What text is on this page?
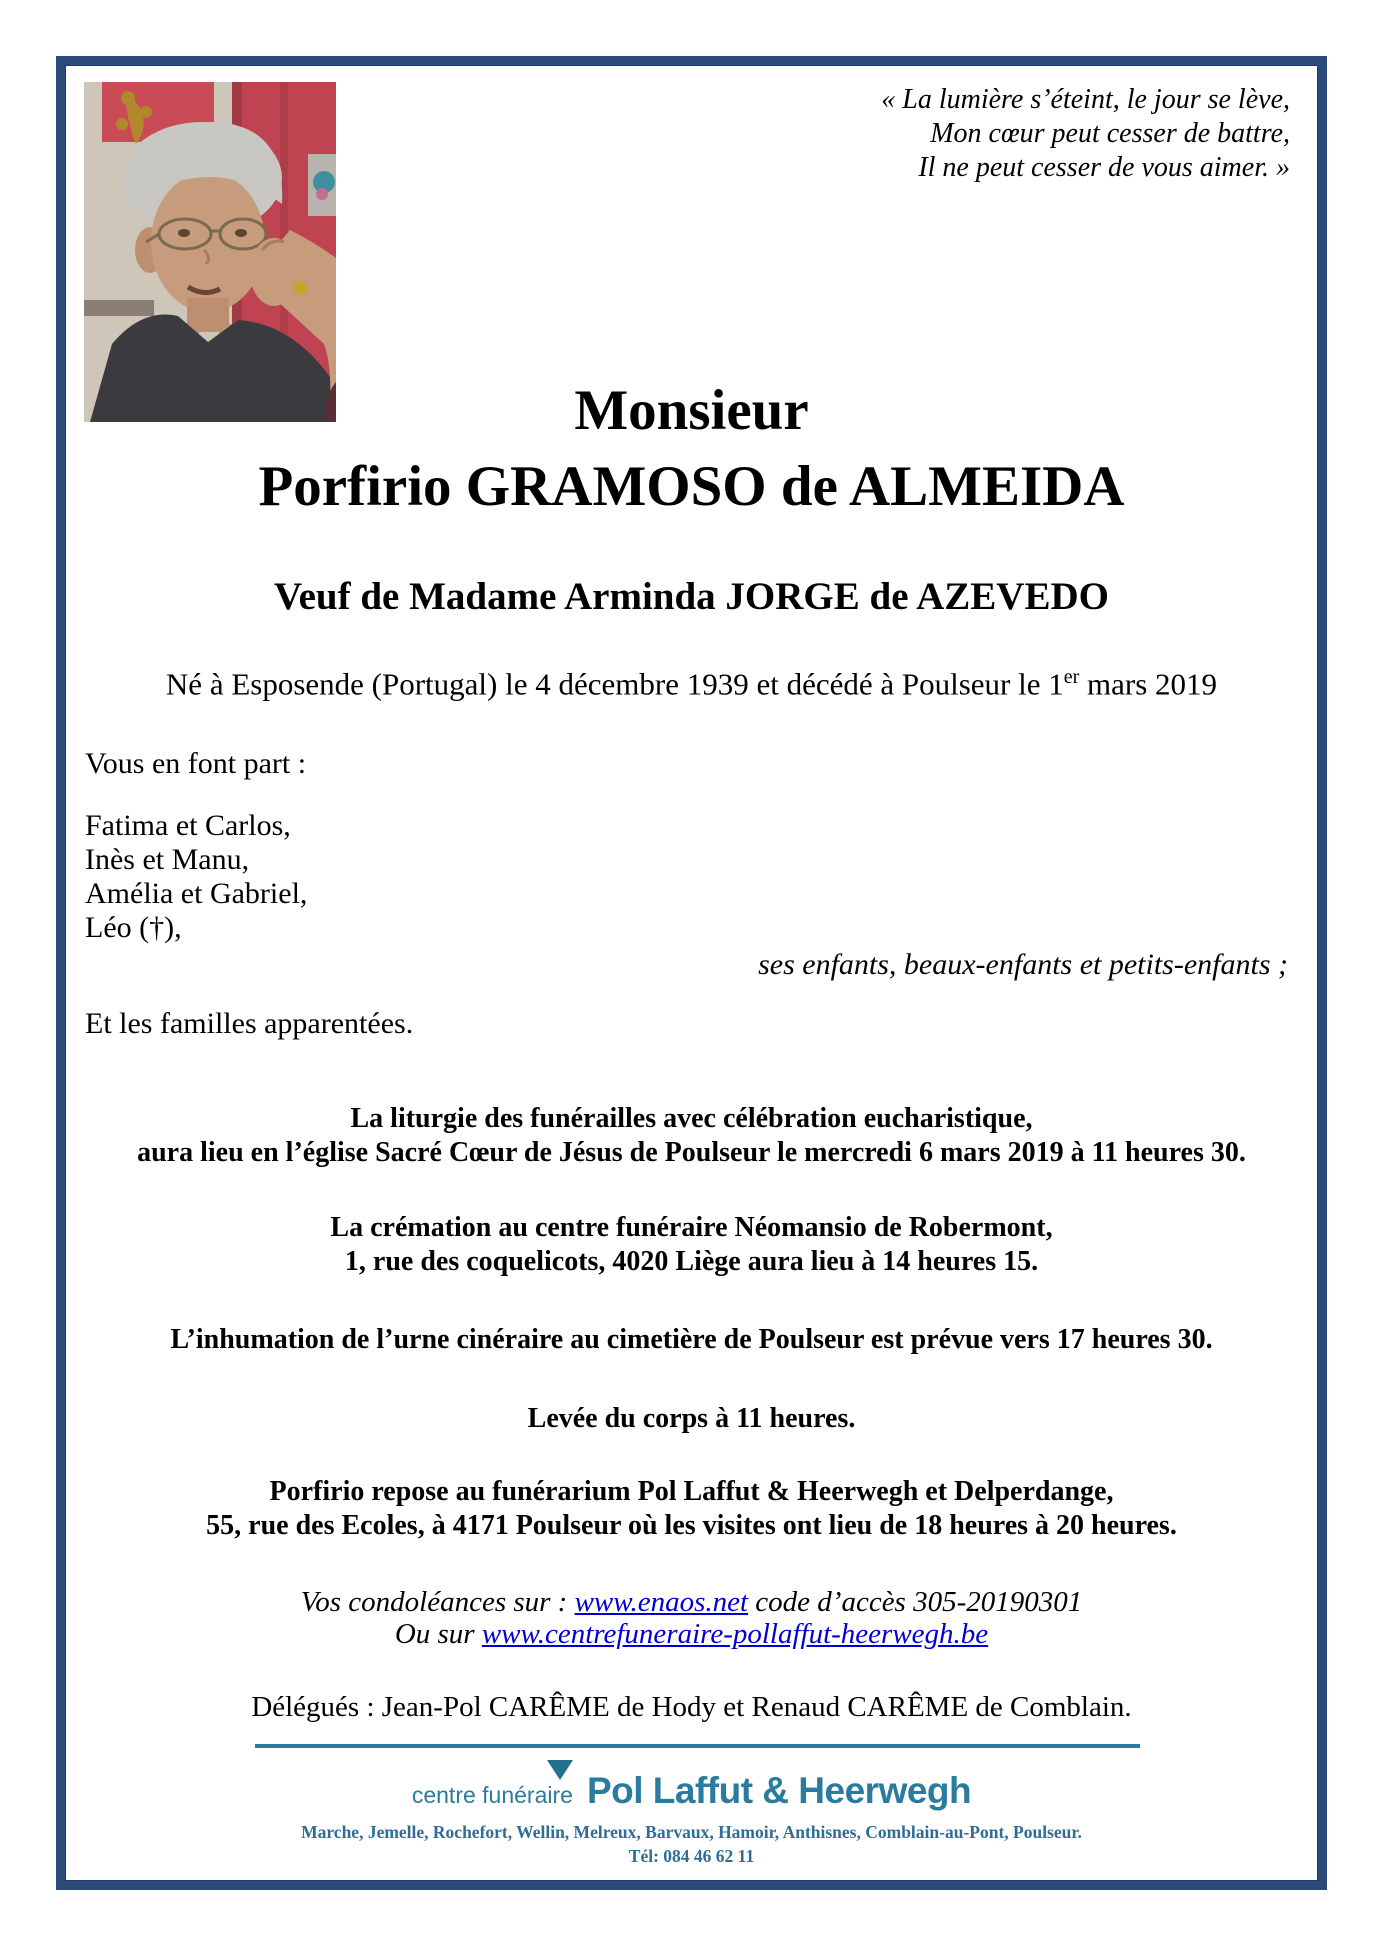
« La lumière s’éteint, le jour se lève,
Mon cœur peut cesser de battre,
Il ne peut cesser de vous aimer. »
Monsieur
Porfirio GRAMOSO de ALMEIDA
Veuf de Madame Arminda JORGE de AZEVEDO
Né à Esposende (Portugal) le 4 décembre 1939 et décédé à Poulseur le 1er mars 2019
Vous en font part :
Fatima et Carlos,
Inès et Manu,
Amélia et Gabriel,
Léo (†),
ses enfants, beaux-enfants et petits-enfants ;
Et les familles apparentées.
La liturgie des funérailles avec célébration eucharistique,
aura lieu en l’église Sacré Cœur de Jésus de Poulseur le mercredi 6 mars 2019 à 11 heures 30.
La crémation au centre funéraire Néomansio de Robermont,
1, rue des coquelicots, 4020 Liège aura lieu à 14 heures 15.
L’inhumation de l’urne cinéraire au cimetière de Poulseur est prévue vers 17 heures 30.
Levée du corps à 11 heures.
Porfirio repose au funérarium Pol Laffut & Heerwegh et Delperdange,
55, rue des Ecoles, à 4171 Poulseur où les visites ont lieu de 18 heures à 20 heures.
Vos condoléances sur : www.enaos.net code d’accès 305-20190301
Ou sur www.centrefuneraire-pollaffut-heerwegh.be
Délégués : Jean-Pol CARÊME de Hody et Renaud CARÊME de Comblain.
centre funéraire Pol Laffut & Heerwegh
Marche, Jemelle, Rochefort, Wellin, Melreux, Barvaux, Hamoir, Anthisnes, Comblain-au-Pont, Poulseur.
Tél: 084 46 62 11
